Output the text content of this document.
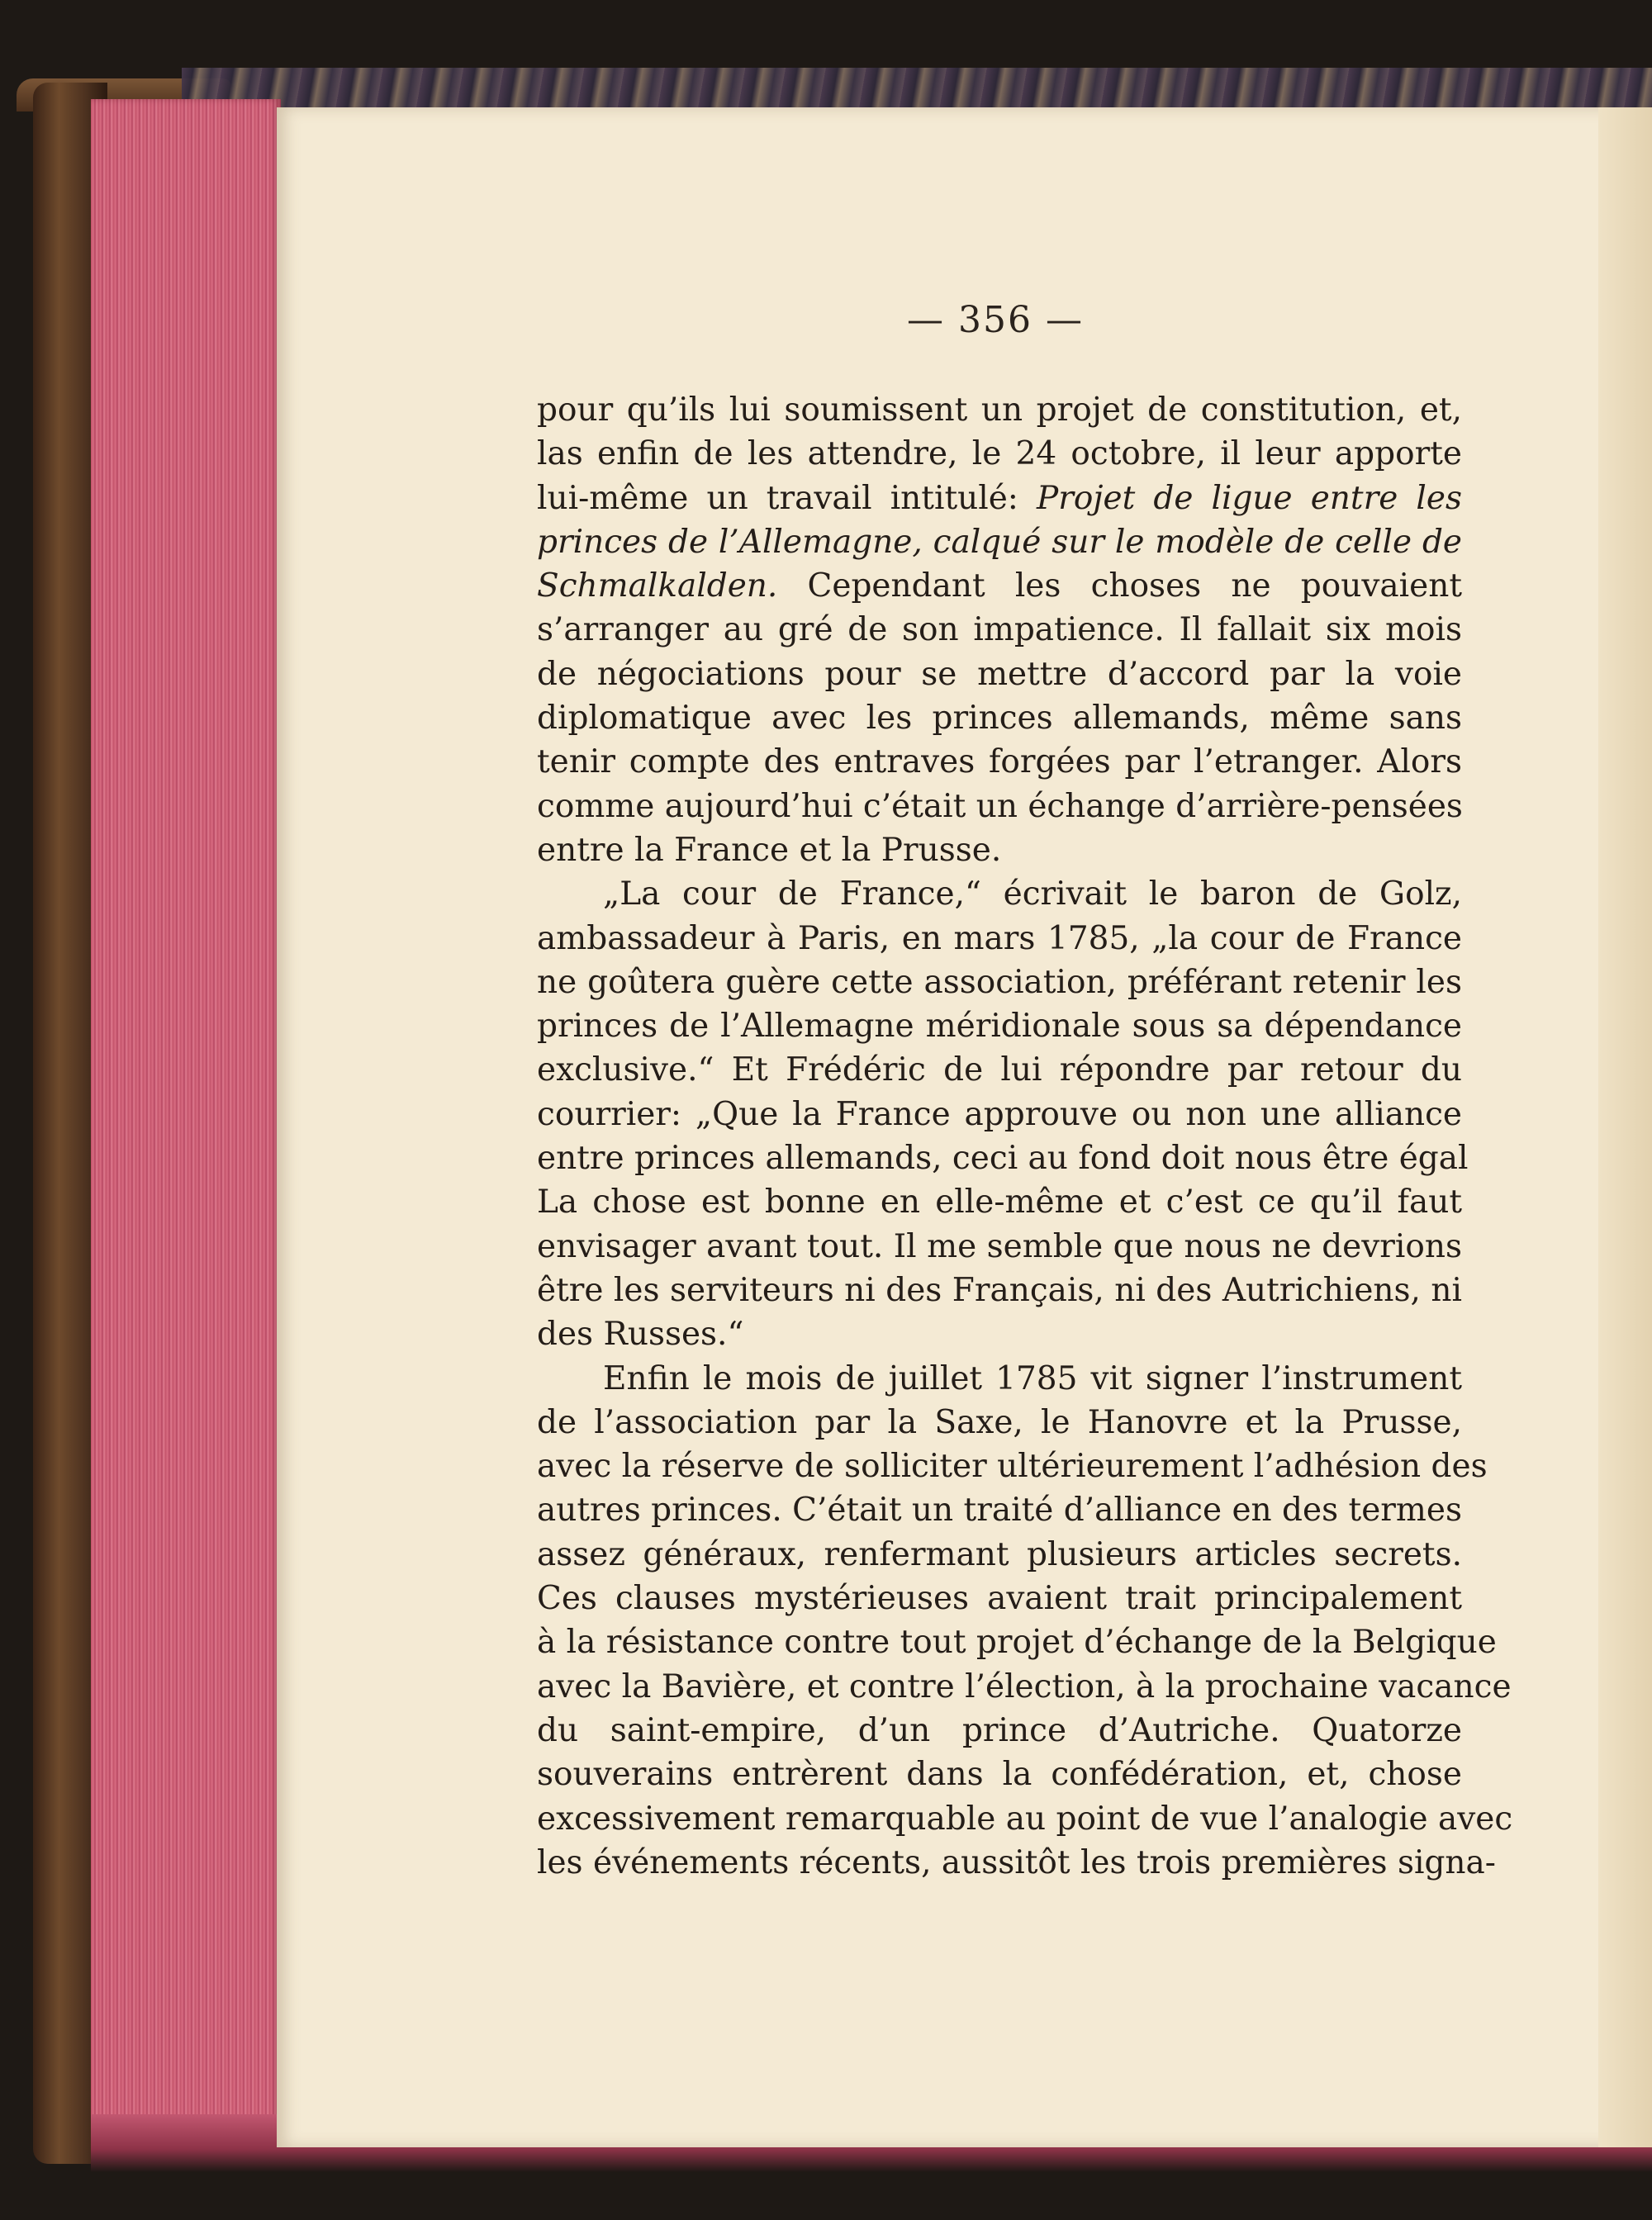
— 356 —
pour qu’ils lui soumissent un projet de constitution, et,
las enfin de les attendre, le 24 octobre, il leur apporte
lui-même un travail intitulé: Projet de ligue entre les
princes de l’Allemagne, calqué sur le modèle de celle de
Schmalkalden. Cependant les choses ne pouvaient
s’arranger au gré de son impatience. Il fallait six mois
de négociations pour se mettre d’accord par la voie
diplomatique avec les princes allemands, même sans
tenir compte des entraves forgées par l’etranger. Alors
comme aujourd’hui c’était un échange d’arrière-pensées
entre la France et la Prusse.
„La cour de France,“ écrivait le baron de Golz,
ambassadeur à Paris, en mars 1785, „la cour de France
ne goûtera guère cette association, préférant retenir les
princes de l’Allemagne méridionale sous sa dépendance
exclusive.“ Et Frédéric de lui répondre par retour du
courrier: „Que la France approuve ou non une alliance
entre princes allemands, ceci au fond doit nous être égal
La chose est bonne en elle-même et c’est ce qu’il faut
envisager avant tout. Il me semble que nous ne devrions
être les serviteurs ni des Français, ni des Autrichiens, ni
des Russes.“
Enfin le mois de juillet 1785 vit signer l’instrument
de l’association par la Saxe, le Hanovre et la Prusse,
avec la réserve de solliciter ultérieurement l’adhésion des
autres princes. C’était un traité d’alliance en des termes
assez généraux, renfermant plusieurs articles secrets.
Ces clauses mystérieuses avaient trait principalement
à la résistance contre tout projet d’échange de la Belgique
avec la Bavière, et contre l’élection, à la prochaine vacance
du saint-empire, d’un prince d’Autriche. Quatorze
souverains entrèrent dans la confédération, et, chose
excessivement remarquable au point de vue l’analogie avec
les événements récents, aussitôt les trois premières signa-
